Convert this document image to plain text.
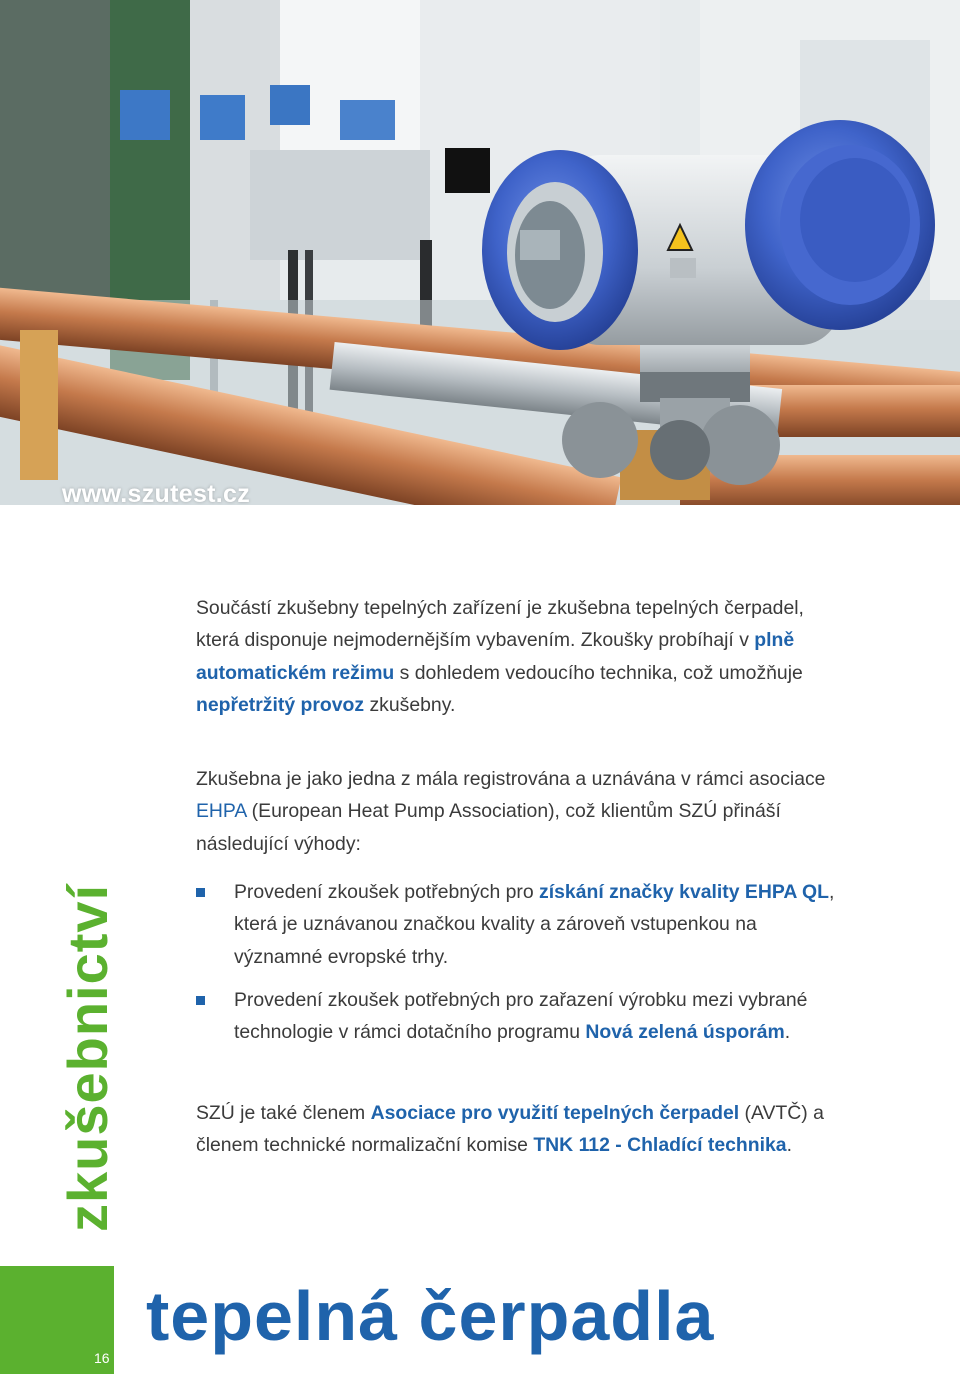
www.szutest.cz
zkušebnictví
16

Součástí zkušebny tepelných zařízení je zkušebna tepelných čerpadel, která disponuje nejmodernějším vybavením. Zkoušky probíhají v plně automatickém režimu s dohledem vedoucího technika, což umožňuje nepřetržitý provoz zkušebny.

Zkušebna je jako jedna z mála registrována a uznávána v rámci asociace EHPA (European Heat Pump Association), což klientům SZÚ přináší následující výhody:

Provedení zkoušek potřebných pro získání značky kvality EHPA QL, která je uznávanou značkou kvality a zároveň vstupenkou na významné evropské trhy.
Provedení zkoušek potřebných pro zařazení výrobku mezi vybrané technologie v rámci dotačního programu Nová zelená úsporám.

SZÚ je také členem Asociace pro využití tepelných čerpadel (AVTČ) a členem technické normalizační komise TNK 112 - Chladící technika.

tepelná čerpadla
